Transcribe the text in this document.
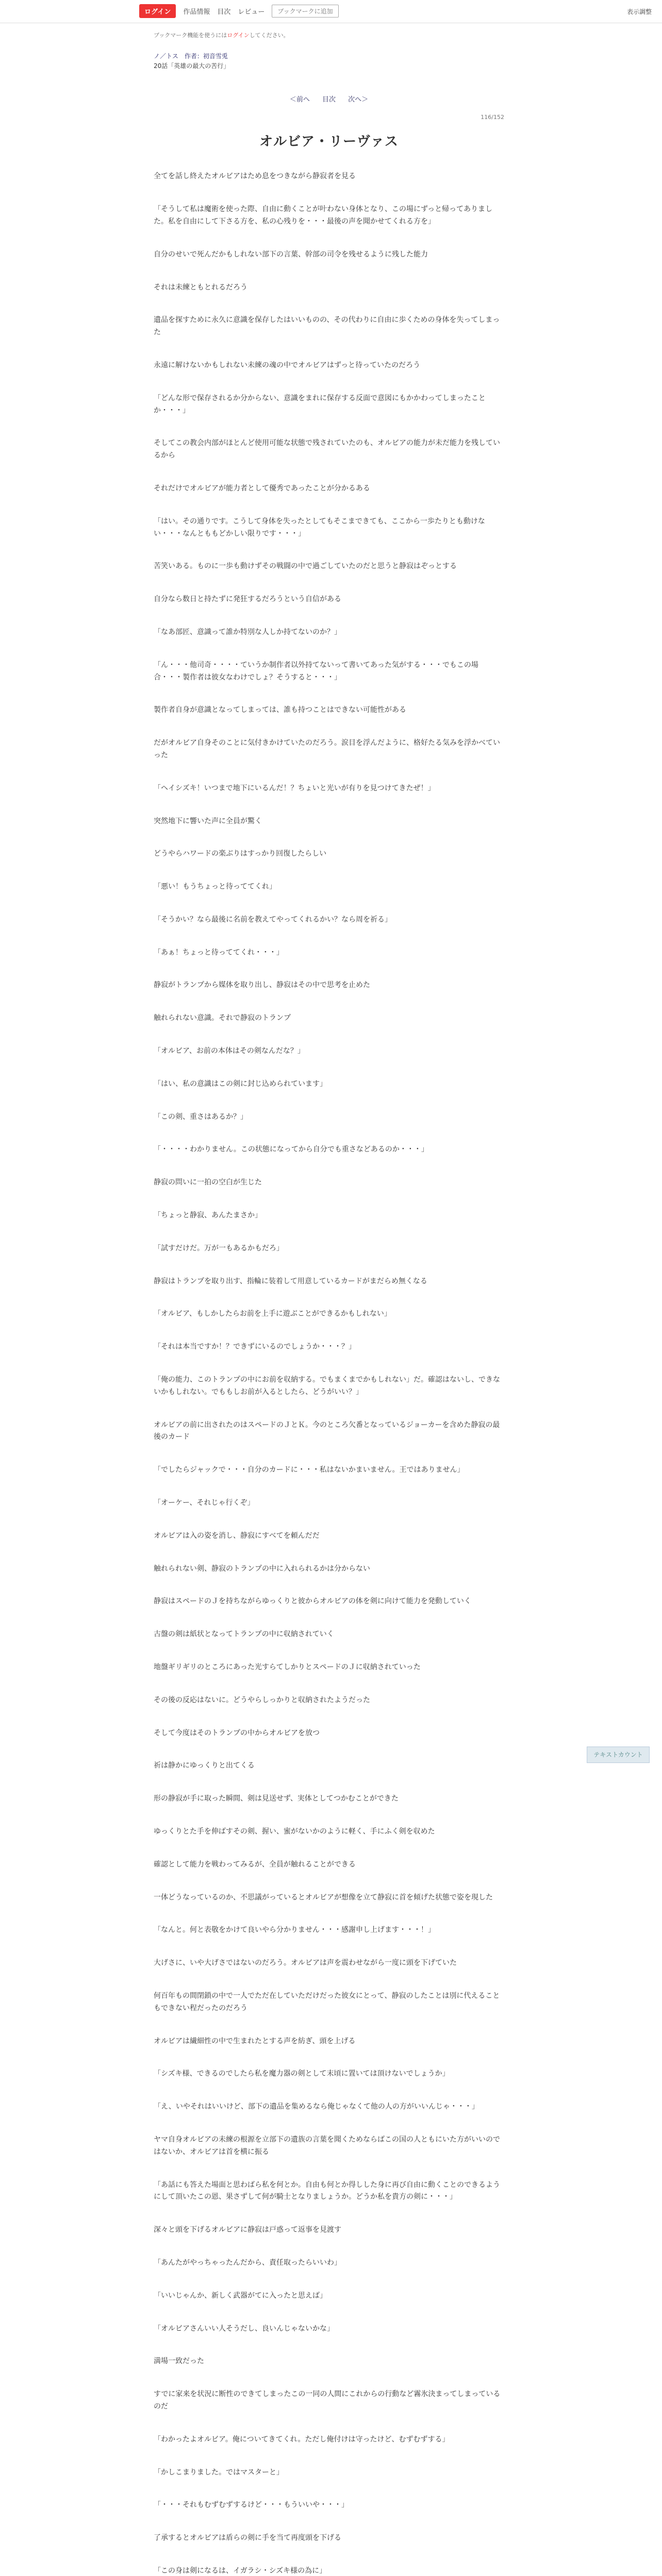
ログイン	作品情報 目次 レビュー	ブックマークに追加	表示調整
ブックマーク機能を使うにはログインしてください。
ノ／トス　作者：初音雪兎
20話「英雄の最大の苦行」
＜前へ 目次 次へ＞
116/152
オルビア・リーヴァス

全てを話し終えたオルビアはため息をつきながら静寂者を見る

「そうして私は魔術を使った際、自由に動くことが叶わない身体となり、この場にずっと帰ってありました。私を自由にして下さる方を、私の心残りを・・・最後の声を聞かせてくれる方を」

自分のせいで死んだかもしれない部下の言葉、幹部の司令を残せるように残した能力

それは未練ともとれるだろう

遺品を探すために永久に意識を保存したはいいものの、その代わりに自由に歩くための身体を失ってしまった

永遠に解けないかもしれない未練の魂の中でオルビアはずっと待っていたのだろう

「どんな形で保存されるか分からない、意識をまれに保存する反面で意図にもかかわってしまったことか・・・」

そしてこの教会内部がほとんど使用可能な状態で残されていたのも、オルビアの能力が未だ能力を残しているから

それだけでオルビアが能力者として優秀であったことが分かるある

「はい。その通りです。こうして身体を失ったとしてもそこまできても、ここから一歩たりとも動けない・・・なんとももどかしい限りです・・・」

苦笑いある。ものに一歩も動けずその戦闘の中で過ごしていたのだと思うと静寂はぞっとする

自分なら数日と持たずに発狂するだろうという自信がある

「なあ部匠、意識って誰か特別な人しか持てないのか？」

「ん・・・他司奇・・・・ていうか制作者以外持てないって書いてあった気がする・・・でもこの場合・・・製作者は彼女なわけでしょ？そうすると・・・」

製作者自身が意識となってしまっては、誰も持つことはできない可能性がある

だがオルビア自身そのことに気付きかけていたのだろう。涙目を浮んだように、格好たる気みを浮かべていった

「ヘイシズキ！いつまで地下にいるんだ！？ちょいと光いが有りを見つけてきたぜ！」

突然地下に響いた声に全員が驚く

どうやらハワードの楽ぶりはすっかり回復したらしい

「悪い！もうちょっと待っててくれ」

「そうかい？なら最後に名前を教えてやってくれるかい？なら周を祈る」

「あぁ！ちょっと待っててくれ・・・」

静寂がトランプから媒体を取り出し、静寂はその中で思考を止めた

触れられない意識。それで静寂のトランプ

「オルビア、お前の本体はその剣なんだな？」

「はい、私の意識はこの剣に封じ込められています」

「この剣、重さはあるか？」

「・・・・わかりません。この状態になってから自分でも重さなどあるのか・・・」

静寂の問いに一拍の空白が生じた

「ちょっと静寂、あんたまさか」

「試すだけだ。万が一もあるかもだろ」

静寂はトランプを取り出す、指輪に装着して用意しているカードがまだらめ無くなる

「オルビア、もしかしたらお前を上手に遊ぶことができるかもしれない」

「それは本当ですか！？できずにいるのでしょうか・・・？」

「俺の能力、このトランプの中にお前を収納する。でもまくまでかもしれない」だ。確認はないし、できないかもしれない。でももしお前が入るとしたら、どうがいい？」

オルビアの前に出されたのはスペードのＪとＫ。今のところ欠番となっているジョーカーを含めた静寂の最後のカード

「でしたらジャックで・・・自分のカードに・・・私はないかまいません。王ではありません」

「オーケー、それじゃ行くぞ」

オルビアは入の姿を消し、静寂にすべてを頼んだだ

触れられない剣、静寂のトランプの中に入れられるかは分からない

静寂はスペードのＪを持ちながらゆっくりと彼からオルビアの体を剣に向けて能力を発動していく

古盤の剣は紙状となってトランプの中に収納されていく

地盤ギリギリのところにあった光すらてしかりとスペードのＪに収納されていった

その後の反応はないに。どうやらしっかりと収納されたようだった

そして今度はそのトランプの中からオルビアを放つ

祈は静かにゆっくりと出てくる

形の静寂が手に取った瞬間、剣は見送せず、実体としてつかむことができた

ゆっくりとた手を伸ばすその剣、握い、蜜がないかのように軽く、手にふく剣を収めた

確認として能力を戦わってみるが、全員が触れることができる

一体どうなっているのか、不思議がっているとオルビアが想像を立て静寂に首を傾げた状態で姿を現した

「なんと。何と表敬をかけて良いやら分かりません・・・感謝申し上げます・・・！」

大げさに、いや大げさではないのだろう。オルビアは声を震わせながら一度に頭を下げていた

何百年もの間閉鎖の中で一人でただ在していただけだった彼女にとって、静寂のしたことは別に代えることもできない程だったのだろう

オルビアは繊細性の中で生まれたとする声を紡ぎ、頭を上げる

「シズキ様、できるのでしたら私を魔力器の剣として末頃に置いては頂けないでしょうか」

「え、いやそれはいいけど、部下の遺品を集めるなら俺じゃなくて他の人の方がいいんじゃ・・・」

ヤマ自身オルビアの未練の根源を立部下の遺族の言葉を聞くためならばこの国の人ともにいた方がいいのではないか、オルビアは首を横に振る

「あ話にも答えた場面と思わばら私を何とか。自由も何とか得しした身に再び自由に動くことのできるようにして頂いたこの恩、果さずして何が騎士となりましょうか。どうか私を貴方の剣に・・・」

深々と頭を下げるオルビアに静寂は戸惑って返事を見渡す

「あんたがやっちゃったんだから、責任取ったらいいわ」

「いいじゃんか、新しく武器がてに入ったと思えば」

「オルビアさんいい人そうだし、良いんじゃないかな」

満場一致だった

すでに家来を状況に断性のできてしまったこの一同の人間にこれからの行動など霧氷決まってしまっているのだ

「わかったよオルビア。俺についてきてくれ。ただし俺付けは守ったけど、むずむずする」

「かしこまりました。ではマスターと」

「・・・それもむずむずするけど・・・もういいや・・・」

了承するとオルビアは盾らの剣に手を当て再度頭を下げる

「この身は剣になるは、イガラシ・シズキ様の為に」

テキストカウント
